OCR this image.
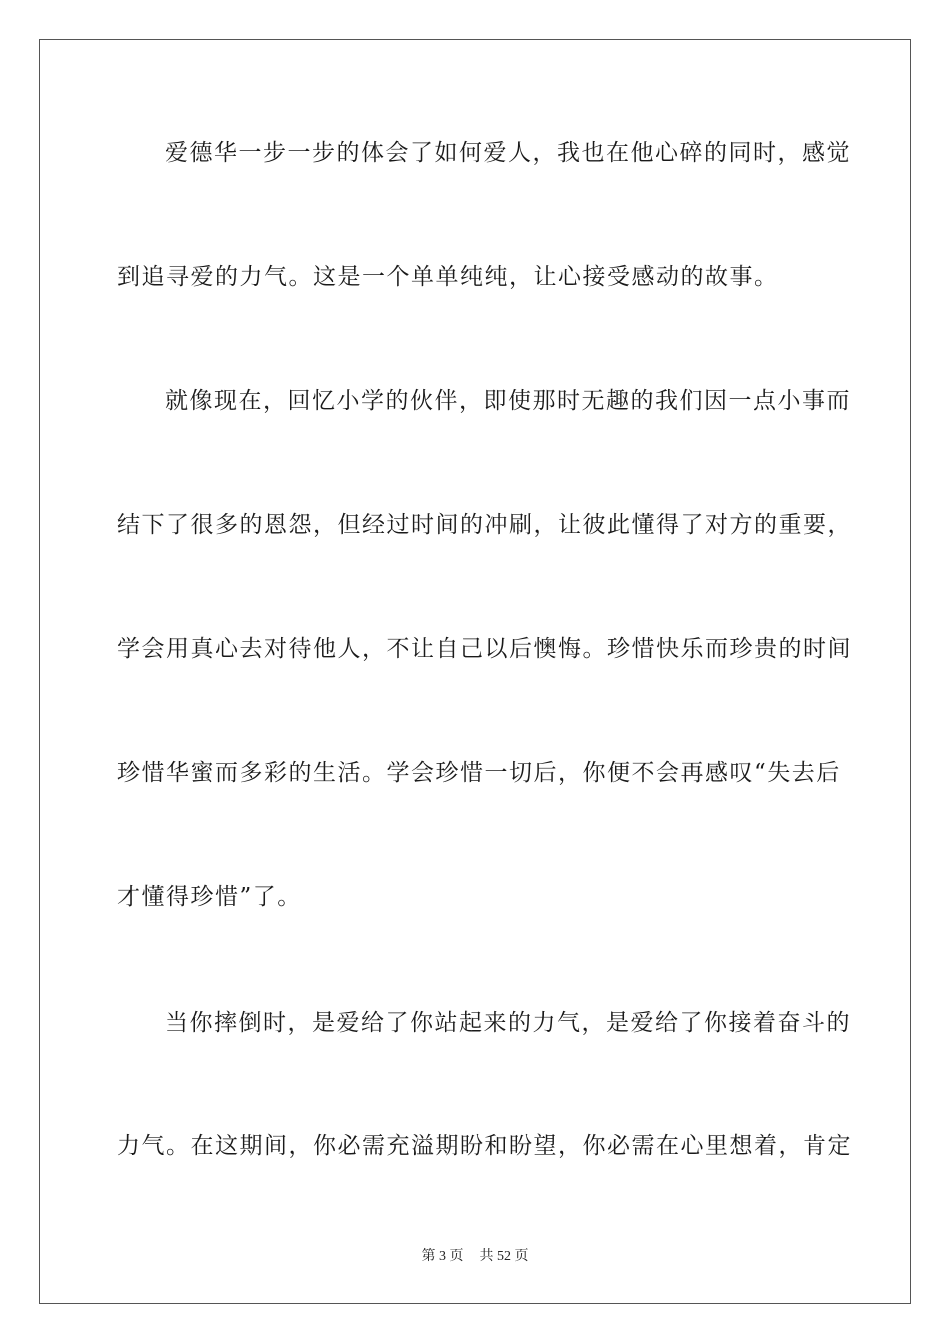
爱德华一步一步的体会了如何爱人，我也在他心碎的同时，感觉
到追寻爱的力气。这是一个单单纯纯，让心接受感动的故事。
就像现在，回忆小学的伙伴，即使那时无趣的我们因一点小事而
结下了很多的恩怨，但经过时间的冲刷，让彼此懂得了对方的重要，
学会用真心去对待他人，不让自己以后懊悔。珍惜快乐而珍贵的时间
珍惜华蜜而多彩的生活。学会珍惜一切后，你便不会再感叹“失去后
才懂得珍惜”了。
当你摔倒时，是爱给了你站起来的力气，是爱给了你接着奋斗的
力气。在这期间，你必需充溢期盼和盼望，你必需在心里想着，肯定
第 3 页 共 52 页
